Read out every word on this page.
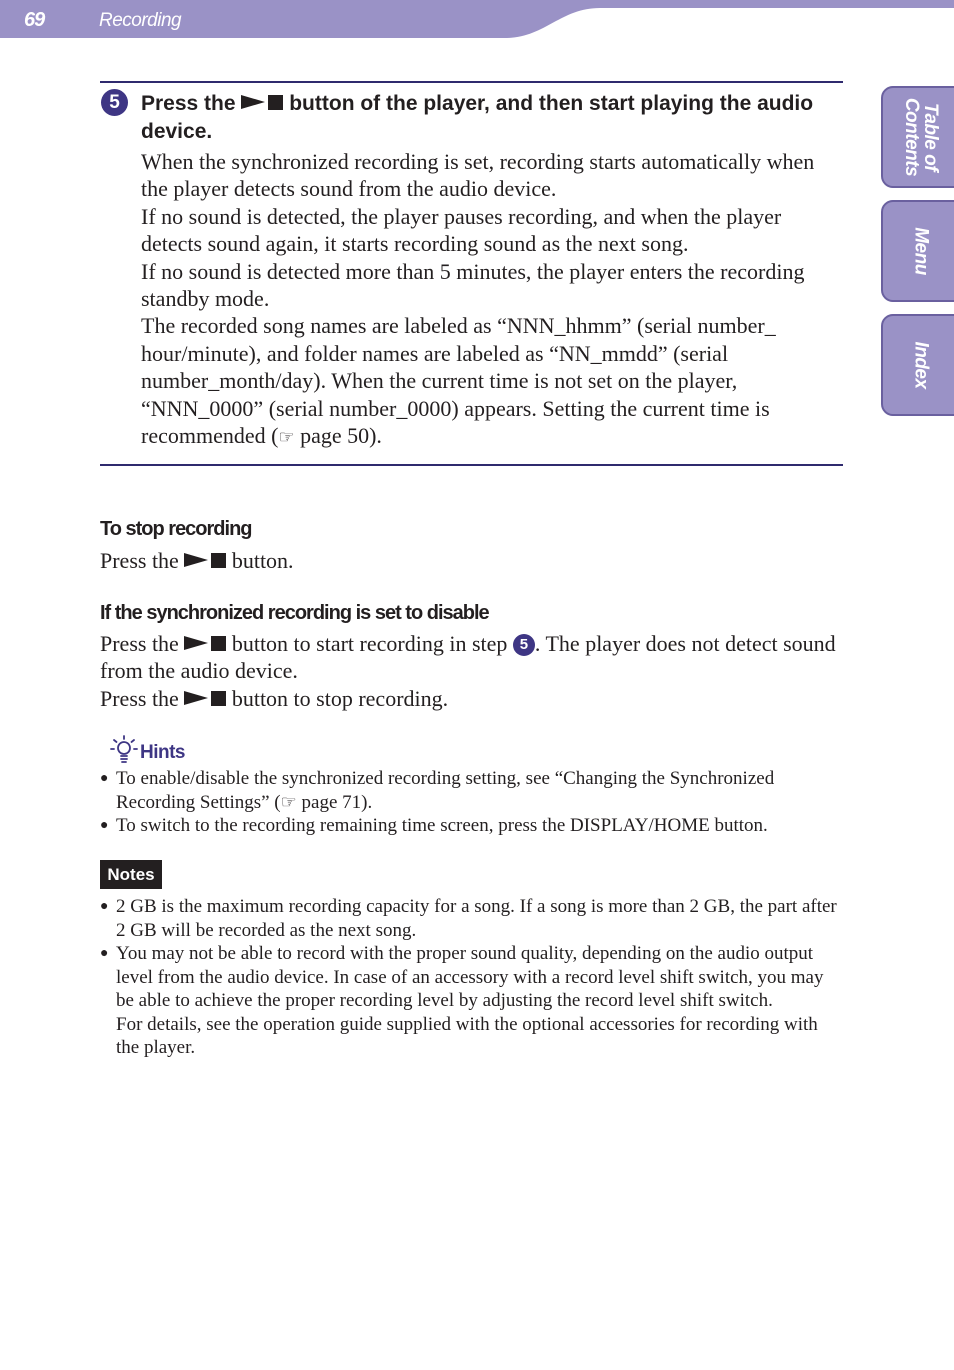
69	Recording
Table of
Contents
Menu
Index
5	Press the  button of the player, and then start playing the audio device.

When the synchronized recording is set, recording starts automatically when the player detects sound from the audio device.

If no sound is detected, the player pauses recording, and when the player detects sound again, it starts recording sound as the next song.

If no sound is detected more than 5 minutes, the player enters the recording standby mode.

The recorded song names are labeled as “NNN_hhmm” (serial number_ hour/minute), and folder names are labeled as “NN_mmdd” (serial number_month/day). When the current time is not set on the player, “NNN_0000” (serial number_0000) appears. Setting the current time is recommended (☞ page 50).

To stop recording

Press the  button.

If the synchronized recording is set to disable

Press the  button to start recording in step 5 . The player does not detect sound from the audio device.

Press the  button to stop recording.

Hints
● To enable/disable the synchronized recording setting, see “Changing the Synchronized Recording Settings” (☞ page 71).
● To switch to the recording remaining time screen, press the DISPLAY/HOME button.
Notes
● 2 GB is the maximum recording capacity for a song. If a song is more than 2 GB, the part after 2 GB will be recorded as the next song.
● You may not be able to record with the proper sound quality, depending on the audio output level from the audio device. In case of an accessory with a record level shift switch, you may be able to achieve the proper recording level by adjusting the record level shift switch.
For details, see the operation guide supplied with the optional accessories for recording with the player.
